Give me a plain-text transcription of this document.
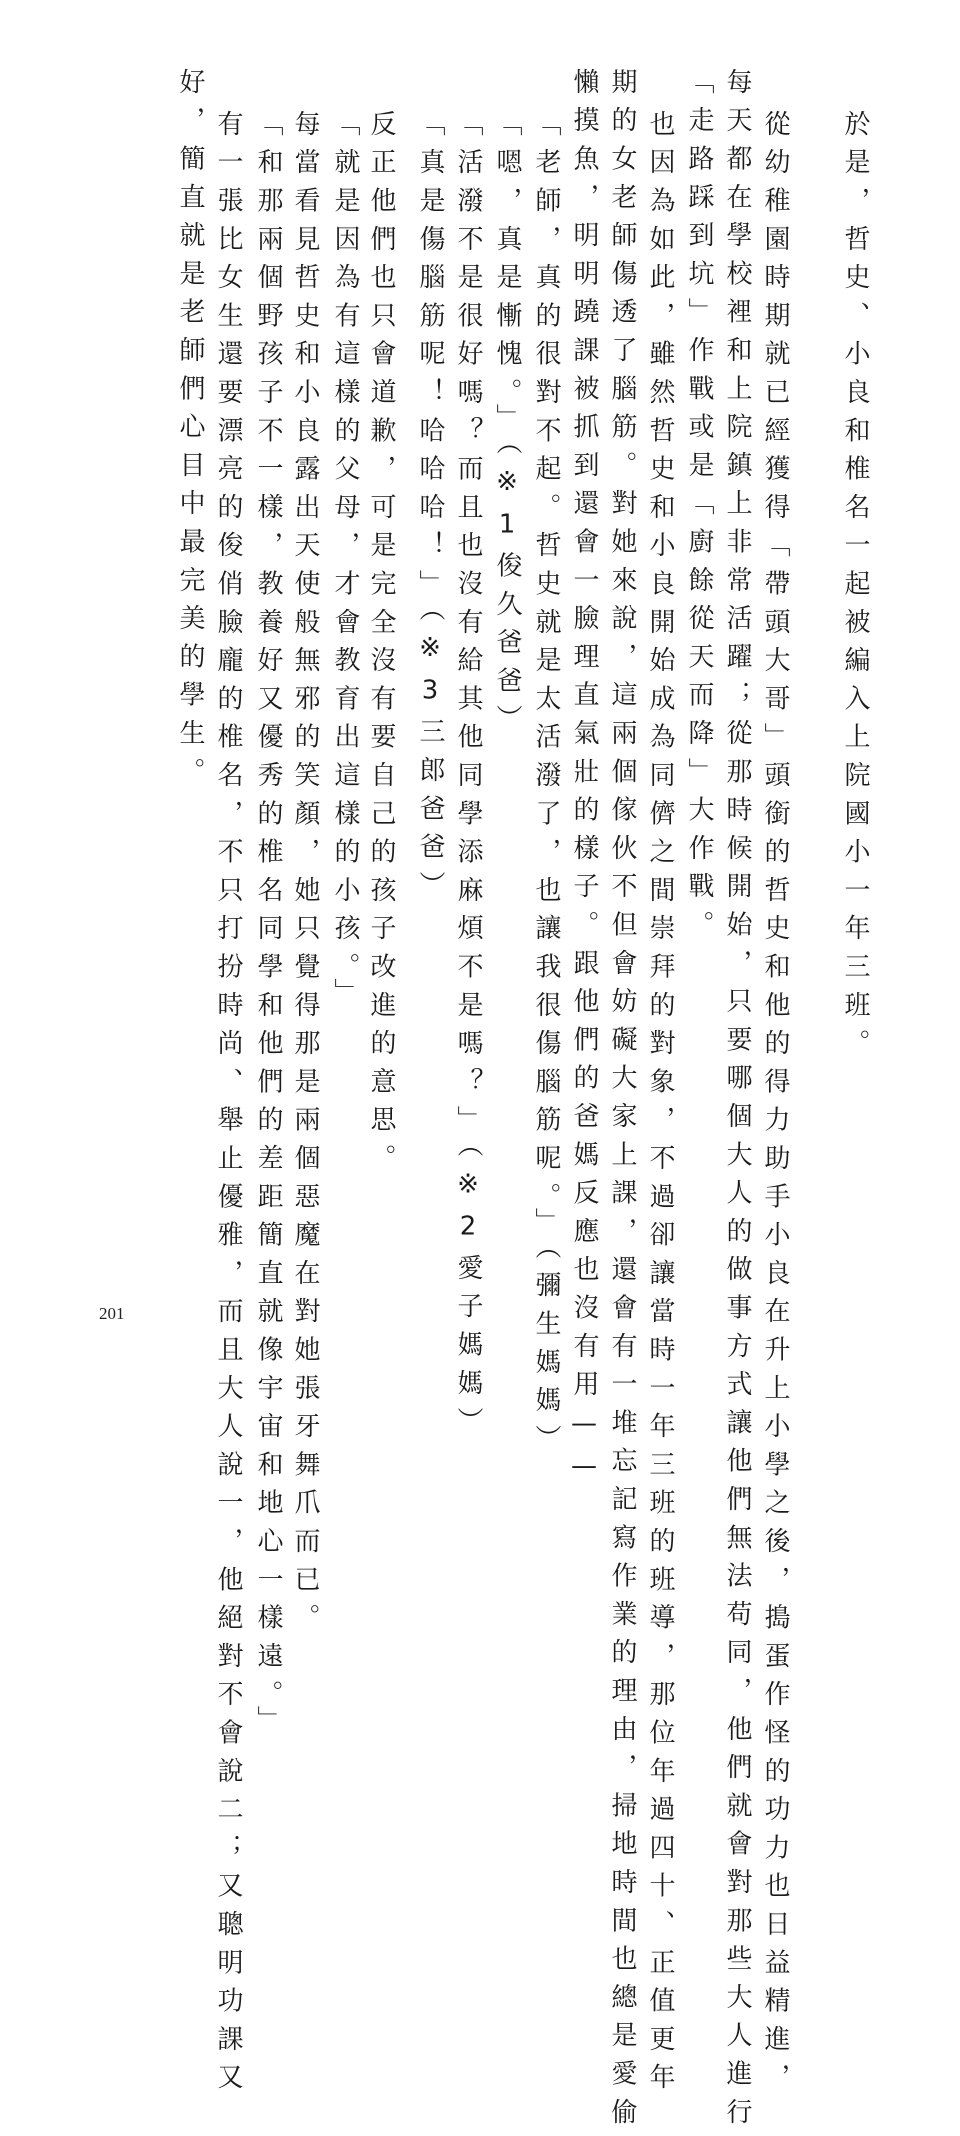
於是，哲史、小良和椎名一起被編入上院國小一年三班。
從幼稚園時期就已經獲得「帶頭大哥」頭銜的哲史和他的得力助手小良在升上小學之後，搗蛋作怪的功力也日益精進，
每天都在學校裡和上院鎮上非常活躍；從那時候開始，只要哪個大人的做事方式讓他們無法苟同，他們就會對那些大人進行
「走路踩到坑」作戰或是「廚餘從天而降」大作戰。
也因為如此，雖然哲史和小良開始成為同儕之間崇拜的對象，不過卻讓當時一年三班的班導，那位年過四十、正值更年
期的女老師傷透了腦筋。對她來說，這兩個傢伙不但會妨礙大家上課，還會有一堆忘記寫作業的理由，掃地時間也總是愛偷
懶摸魚，明明蹺課被抓到還會一臉理直氣壯的樣子。跟他們的爸媽反應也沒有用——
「老師，真的很對不起。哲史就是太活潑了，也讓我很傷腦筋呢。」（彌生媽媽）
「嗯，真是慚愧。」（※1俊久爸爸）
「活潑不是很好嗎？而且也沒有給其他同學添麻煩不是嗎？」（※2愛子媽媽）
「真是傷腦筋呢！哈哈哈！」（※3三郎爸爸）
反正他們也只會道歉，可是完全沒有要自己的孩子改進的意思。
「就是因為有這樣的父母，才會教育出這樣的小孩。」
每當看見哲史和小良露出天使般無邪的笑顏，她只覺得那是兩個惡魔在對她張牙舞爪而已。
「和那兩個野孩子不一樣，教養好又優秀的椎名同學和他們的差距簡直就像宇宙和地心一樣遠。」
有一張比女生還要漂亮的俊俏臉龐的椎名，不只打扮時尚、舉止優雅，而且大人說一，他絕對不會說二；又聰明功課又
好，簡直就是老師們心目中最完美的學生。
201
